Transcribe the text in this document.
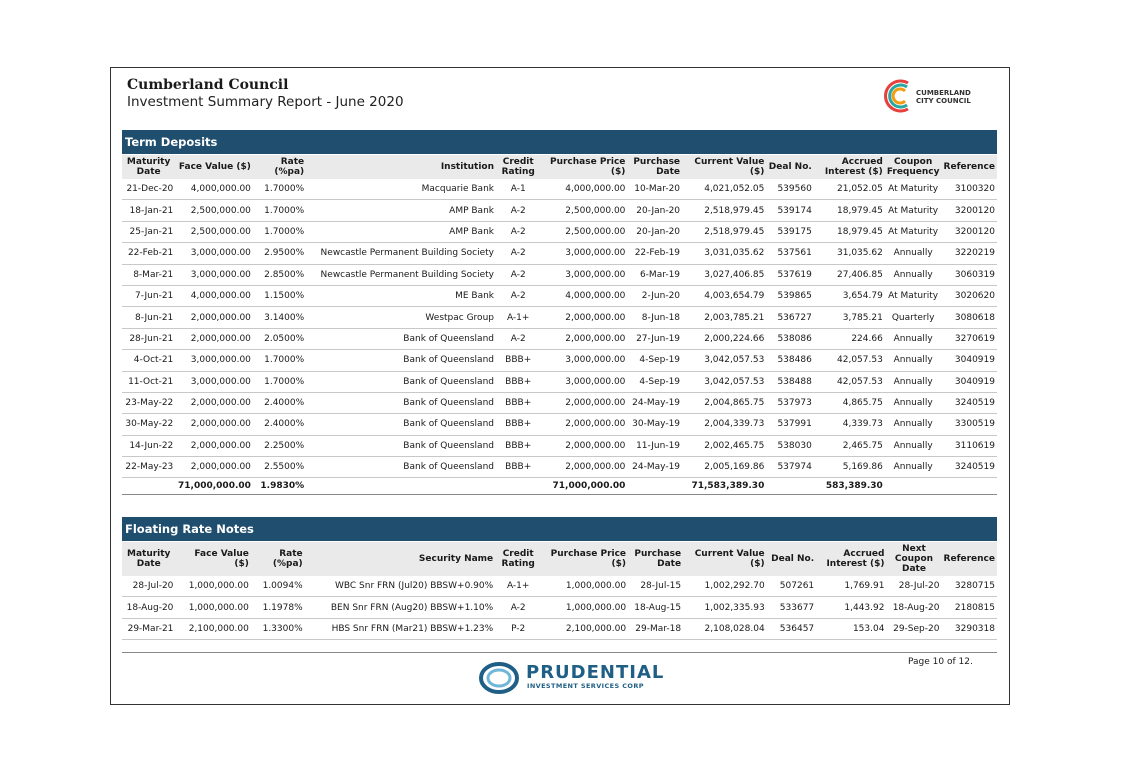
Cumberland Council
Investment Summary Report - June 2020
CUMBERLAND
CITY COUNCIL
Term Deposits
Maturity Date	Face Value ($)	Rate (%pa)	Institution	Credit Rating	Purchase Price ($)	Purchase Date	Current Value ($)	Deal No.	Accrued Interest ($)	Coupon Frequency	Reference
21-Dec-20	4,000,000.00	1.7000%	Macquarie Bank	A-1	4,000,000.00	10-Mar-20	4,021,052.05	539560	21,052.05	At Maturity	3100320
18-Jan-21	2,500,000.00	1.7000%	AMP Bank	A-2	2,500,000.00	20-Jan-20	2,518,979.45	539174	18,979.45	At Maturity	3200120
25-Jan-21	2,500,000.00	1.7000%	AMP Bank	A-2	2,500,000.00	20-Jan-20	2,518,979.45	539175	18,979.45	At Maturity	3200120
22-Feb-21	3,000,000.00	2.9500%	Newcastle Permanent Building Society	A-2	3,000,000.00	22-Feb-19	3,031,035.62	537561	31,035.62	Annually	3220219
8-Mar-21	3,000,000.00	2.8500%	Newcastle Permanent Building Society	A-2	3,000,000.00	6-Mar-19	3,027,406.85	537619	27,406.85	Annually	3060319
7-Jun-21	4,000,000.00	1.1500%	ME Bank	A-2	4,000,000.00	2-Jun-20	4,003,654.79	539865	3,654.79	At Maturity	3020620
8-Jun-21	2,000,000.00	3.1400%	Westpac Group	A-1+	2,000,000.00	8-Jun-18	2,003,785.21	536727	3,785.21	Quarterly	3080618
28-Jun-21	2,000,000.00	2.0500%	Bank of Queensland	A-2	2,000,000.00	27-Jun-19	2,000,224.66	538086	224.66	Annually	3270619
4-Oct-21	3,000,000.00	1.7000%	Bank of Queensland	BBB+	3,000,000.00	4-Sep-19	3,042,057.53	538486	42,057.53	Annually	3040919
11-Oct-21	3,000,000.00	1.7000%	Bank of Queensland	BBB+	3,000,000.00	4-Sep-19	3,042,057.53	538488	42,057.53	Annually	3040919
23-May-22	2,000,000.00	2.4000%	Bank of Queensland	BBB+	2,000,000.00	24-May-19	2,004,865.75	537973	4,865.75	Annually	3240519
30-May-22	2,000,000.00	2.4000%	Bank of Queensland	BBB+	2,000,000.00	30-May-19	2,004,339.73	537991	4,339.73	Annually	3300519
14-Jun-22	2,000,000.00	2.2500%	Bank of Queensland	BBB+	2,000,000.00	11-Jun-19	2,002,465.75	538030	2,465.75	Annually	3110619
22-May-23	2,000,000.00	2.5500%	Bank of Queensland	BBB+	2,000,000.00	24-May-19	2,005,169.86	537974	5,169.86	Annually	3240519
	71,000,000.00	1.9830%			71,000,000.00		71,583,389.30		583,389.30		
Floating Rate Notes
Maturity Date	Face Value ($)	Rate (%pa)	Security Name	Credit Rating	Purchase Price ($)	Purchase Date	Current Value ($)	Deal No.	Accrued Interest ($)	Next Coupon Date	Reference
28-Jul-20	1,000,000.00	1.0094%	WBC Snr FRN (Jul20) BBSW+0.90%	A-1+	1,000,000.00	28-Jul-15	1,002,292.70	507261	1,769.91	28-Jul-20	3280715
18-Aug-20	1,000,000.00	1.1978%	BEN Snr FRN (Aug20) BBSW+1.10%	A-2	1,000,000.00	18-Aug-15	1,002,335.93	533677	1,443.92	18-Aug-20	2180815
29-Mar-21	2,100,000.00	1.3300%	HBS Snr FRN (Mar21) BBSW+1.23%	P-2	2,100,000.00	29-Mar-18	2,108,028.04	536457	153.04	29-Sep-20	3290318
Page 10 of 12.
PRUDENTIAL
INVESTMENT SERVICES CORP
